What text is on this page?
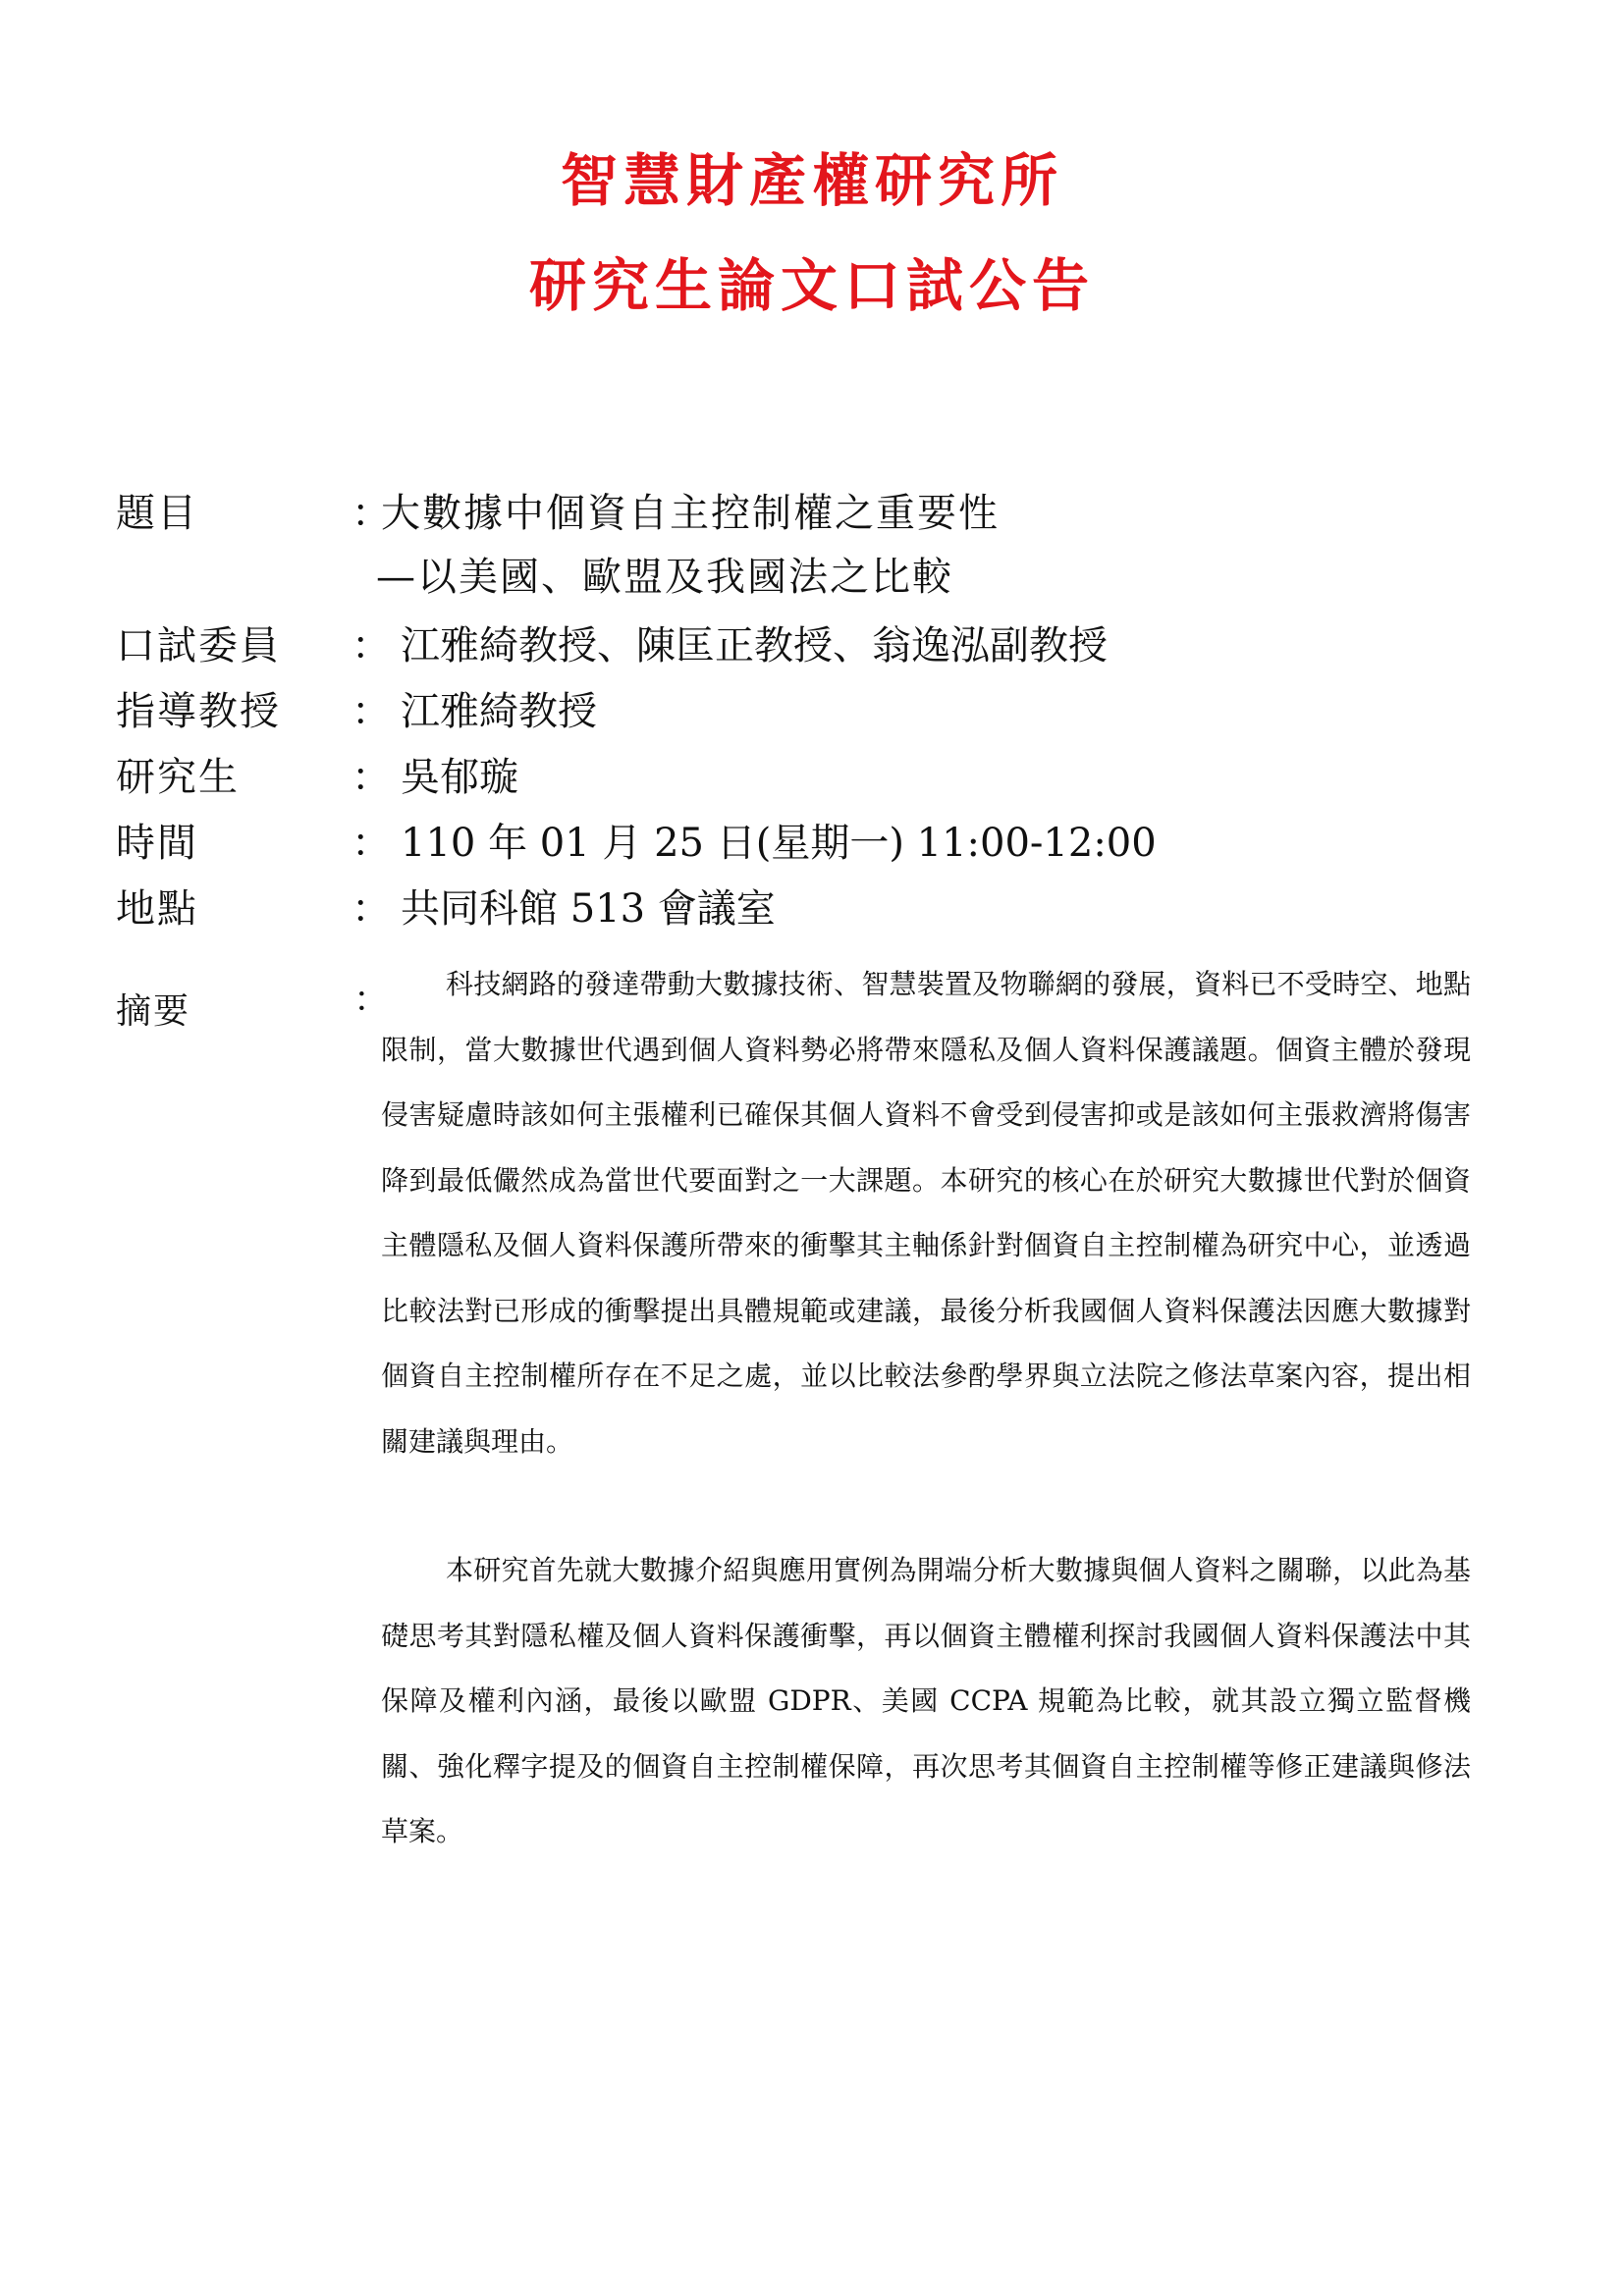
智慧財產權研究所
研究生論文口試公告
題目	：
大數據中個資自主控制權之重要性
—以美國、歐盟及我國法之比較
口試委員 ： 江雅綺教授、陳匡正教授、翁逸泓副教授
指導教授 ： 江雅綺教授
研究生	： 吳郁璇
時間	： 110 年 01 月 25 日(星期一) 11:00-12:00
地點	： 共同科館 513 會議室
摘要	：	科技網路的發達帶動大數據技術、智慧裝置及物聯網的發展，資料已不受時空、地點限制，當大數據世代遇到個人資料勢必將帶來隱私及個人資料保護議題。個資主體於發現侵害疑慮時該如何主張權利已確保其個人資料不會受到侵害抑或是該如何主張救濟將傷害降到最低儼然成為當世代要面對之一大課題。本研究的核心在於研究大數據世代對於個資主體隱私及個人資料保護所帶來的衝擊其主軸係針對個資自主控制權為研究中心，並透過比較法對已形成的衝擊提出具體規範或建議，最後分析我國個人資料保護法因應大數據對個資自主控制權所存在不足之處，並以比較法參酌學界與立法院之修法草案內容，提出相關建議與理由。

本研究首先就大數據介紹與應用實例為開端分析大數據與個人資料之關聯，以此為基礎思考其對隱私權及個人資料保護衝擊，再以個資主體權利探討我國個人資料保護法中其保障及權利內涵，最後以歐盟 GDPR、美國 CCPA 規範為比較，就其設立獨立監督機關、強化釋字提及的個資自主控制權保障，再次思考其個資自主控制權等修正建議與修法草案。
